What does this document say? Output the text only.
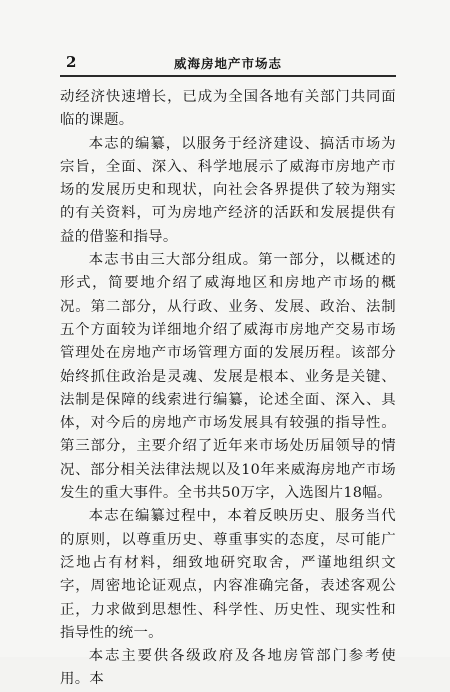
2	威海房地产市场志

动经济快速增长，已成为全国各地有关部门共同面临的课题。

本志的编纂，以服务于经济建设、搞活市场为宗旨，全面、深入、科学地展示了威海市房地产市场的发展历史和现状，向社会各界提供了较为翔实的有关资料，可为房地产经济的活跃和发展提供有益的借鉴和指导。

本志书由三大部分组成。第一部分，以概述的形式，简要地介绍了威海地区和房地产市场的概况。第二部分，从行政、业务、发展、政治、法制五个方面较为详细地介绍了威海市房地产交易市场管理处在房地产市场管理方面的发展历程。该部分始终抓住政治是灵魂、发展是根本、业务是关键、法制是保障的线索进行编纂，论述全面、深入、具体，对今后的房地产市场发展具有较强的指导性。第三部分，主要介绍了近年来市场处历届领导的情况、部分相关法律法规以及10年来威海房地产市场发生的重大事件。全书共50万字，入选图片18幅。

本志在编纂过程中，本着反映历史、服务当代的原则，以尊重历史、尊重事实的态度，尽可能广泛地占有材料，细致地研究取舍，严谨地组织文字，周密地论证观点，内容准确完备，表述客观公正，力求做到思想性、科学性、历史性、现实性和指导性的统一。

本志主要供各级政府及各地房管部门参考使用。本
